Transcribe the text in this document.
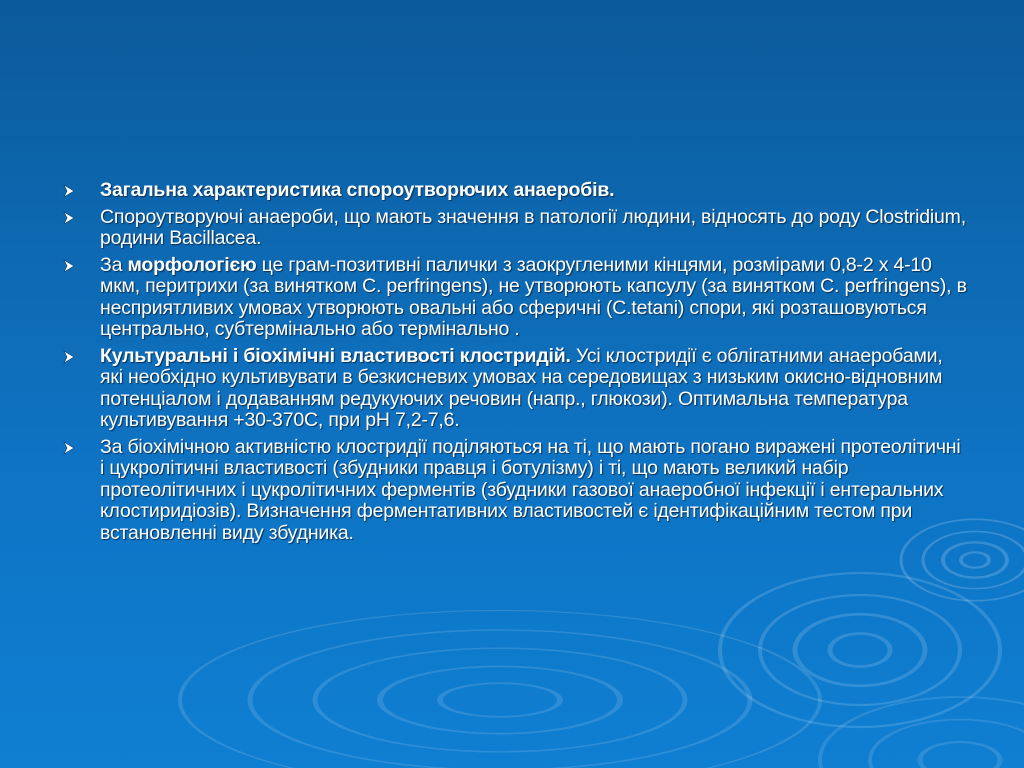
Загальна характеристика спороутворючих анаеробів.
Спороутворуючі анаероби, що мають значення в патології людини, відносять до роду Clostridium, родини Bacillacea.
За морфологією це грам-позитивні палички з заокругленими кінцями, розмірами 0,8-2 х 4-10 мкм, перитрихи (за винятком C. perfringens), не утворюють капсулу (за винятком C. perfringens), в несприятливих умовах утворюють овальні або сферичні (C.tetani) спори, які розташовуються центрально, субтермінально або термінально .
Культуральні і біохімічні властивості клостридій. Усі клостридії є облігатними анаеробами, які необхідно культивувати в безкисневих умовах на середовищах з низьким окисно-відновним потенціалом і додаванням редукуючих речовин (напр., глюкози). Оптимальна температура культивування +30-370С, при pH 7,2-7,6.
За біохімічною активністю клостридії поділяються на ті, що мають погано виражені протеолітичні і цукролітичні властивості (збудники правця і ботулізму) і ті, що мають великий набір протеолітичних і цукролітичних ферментів (збудники газової анаеробної інфекції і ентеральних клостиридіозів). Визначення ферментативних властивостей є ідентифікаційним тестом при встановленні виду збудника.
